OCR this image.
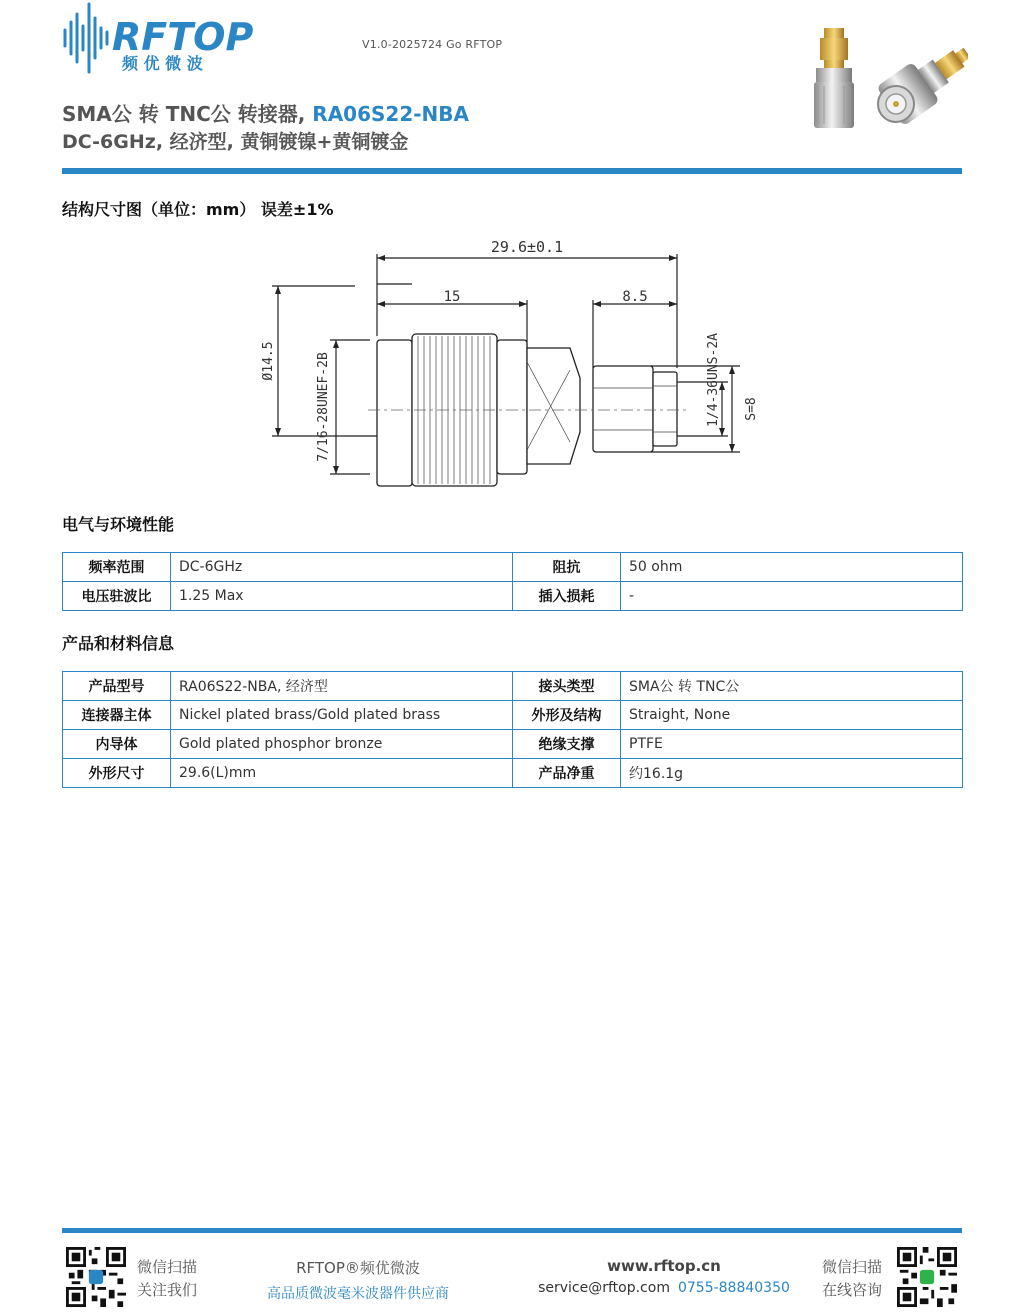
RFTOP
频 优 微 波
V1.0-2025724 Go RFTOP
SMA公 转 TNC公 转接器, RA06S22-NBA
DC-6GHz, 经济型, 黄铜镀镍+黄铜镀金
结构尺寸图（单位：mm） 误差±1%
29.6±0.1
15	8.5
Ø14.5	7/16-28UNEF-2B	1/4-36UNS-2A S=8
电气与环境性能
频率范围	DC-6GHz	阻抗	50 ohm
电压驻波比	1.25 Max	插入损耗	-
产品和材料信息
产品型号	RA06S22-NBA, 经济型	接头类型	SMA公 转 TNC公
连接器主体	Nickel plated brass/Gold plated brass	外形及结构	Straight, None
内导体	Gold plated phosphor bronze	绝缘支撑	PTFE
外形尺寸	29.6(L)mm	产品净重	约16.1g
微信扫描
关注我们
RFTOP®频优微波
高品质微波毫米波器件供应商
www.rftop.cn
service@rftop.com 0755-88840350
微信扫描
在线咨询
